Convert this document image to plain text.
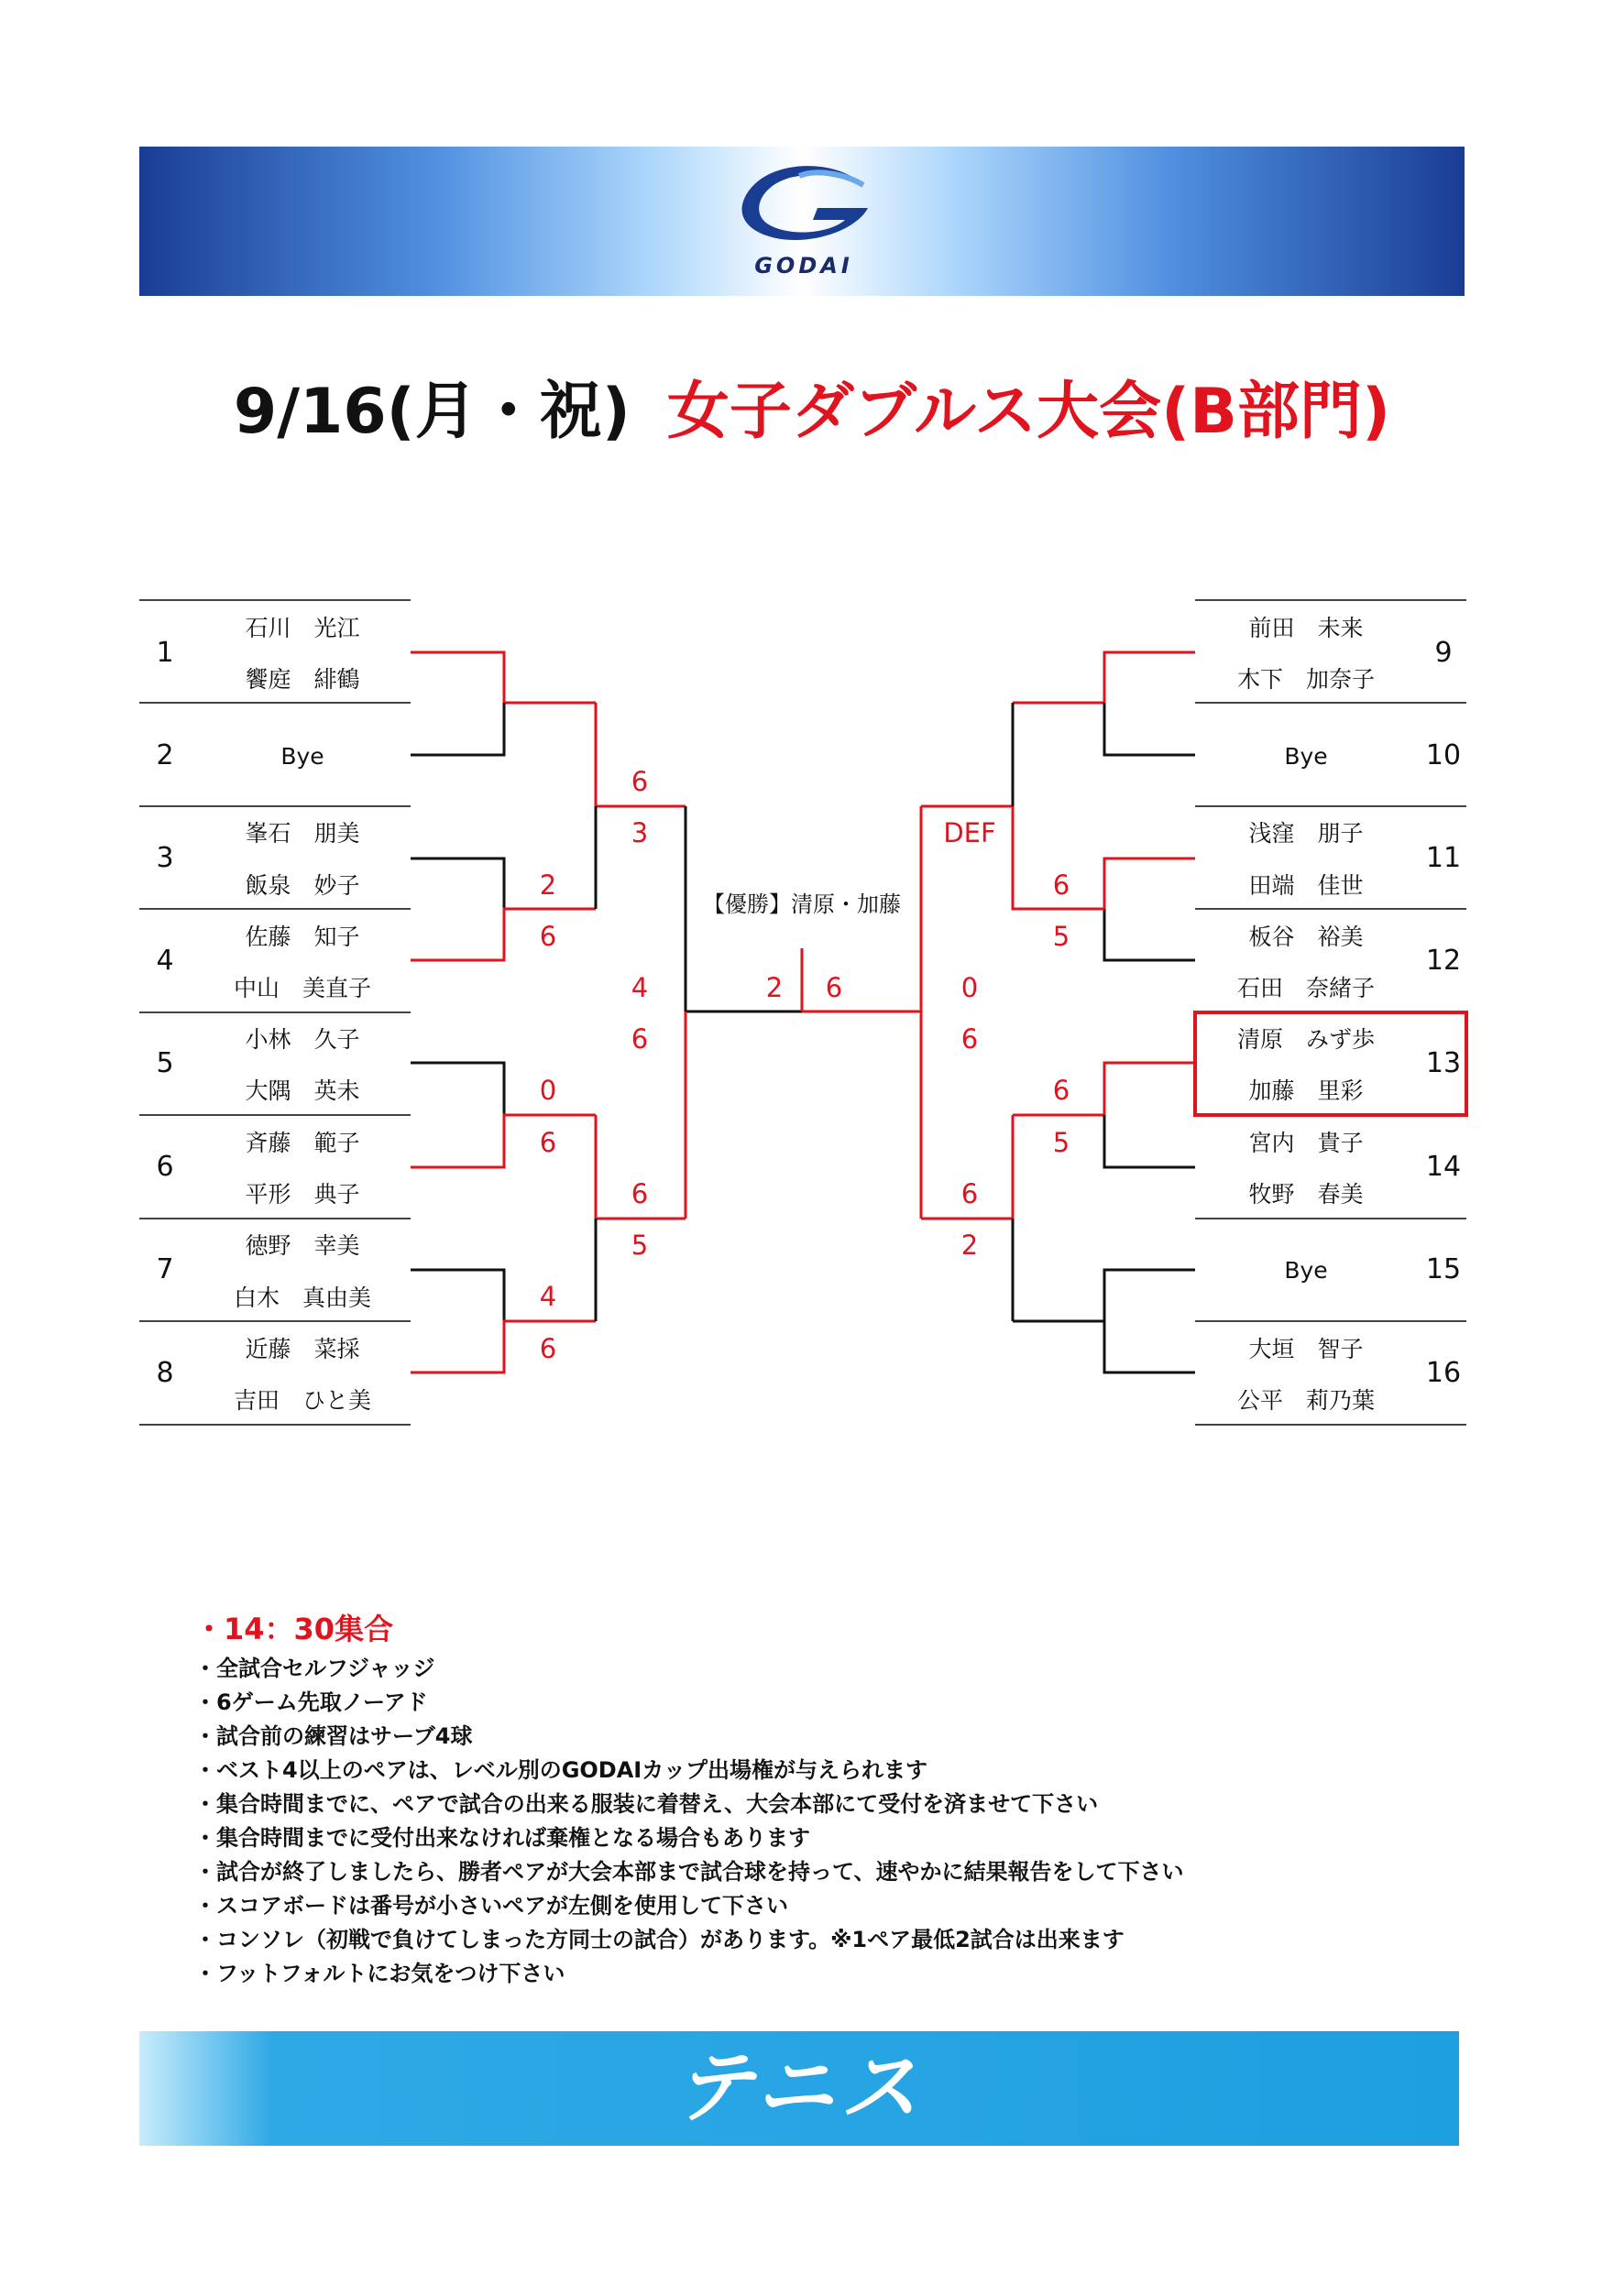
GODAI
9/16(月・祝) 女子ダブルス大会(B部門)
1
2
3
4
5
6
7
8
石川　光江
饗庭　緋鶴
Bye
峯石　朋美
飯泉　妙子
佐藤　知子
中山　美直子
小林　久子
大隅　英未
斉藤　範子
平形　典子
徳野　幸美
白木　真由美
近藤　菜採
吉田　ひと美
9
10
11
12
13
14
15
16
前田　未来
木下　加奈子
Bye
浅窪　朋子
田端　佳世
板谷　裕美
石田　奈緒子
清原　みず歩
加藤　里彩
宮内　貴子
牧野　春美
Bye
大垣　智子
公平　莉乃葉
2
6
0
6
4
6
6
3
6
5
4
6
6
5
6
5
DEF
6
2
0
6
【優勝】清原・加藤
2 6
・14：30集合
・全試合セルフジャッジ
・6ゲーム先取ノーアド
・試合前の練習はサーブ4球
・ベスト4以上のペアは、レベル別のGODAIカップ出場権が与えられます
・集合時間までに、ペアで試合の出来る服装に着替え、大会本部にて受付を済ませて下さい
・集合時間までに受付出来なければ棄権となる場合もあります
・試合が終了しましたら、勝者ペアが大会本部まで試合球を持って、速やかに結果報告をして下さい
・スコアボードは番号が小さいペアが左側を使用して下さい
・コンソレ（初戦で負けてしまった方同士の試合）があります。※1ペア最低2試合は出来ます
・フットフォルトにお気をつけ下さい
テニス
